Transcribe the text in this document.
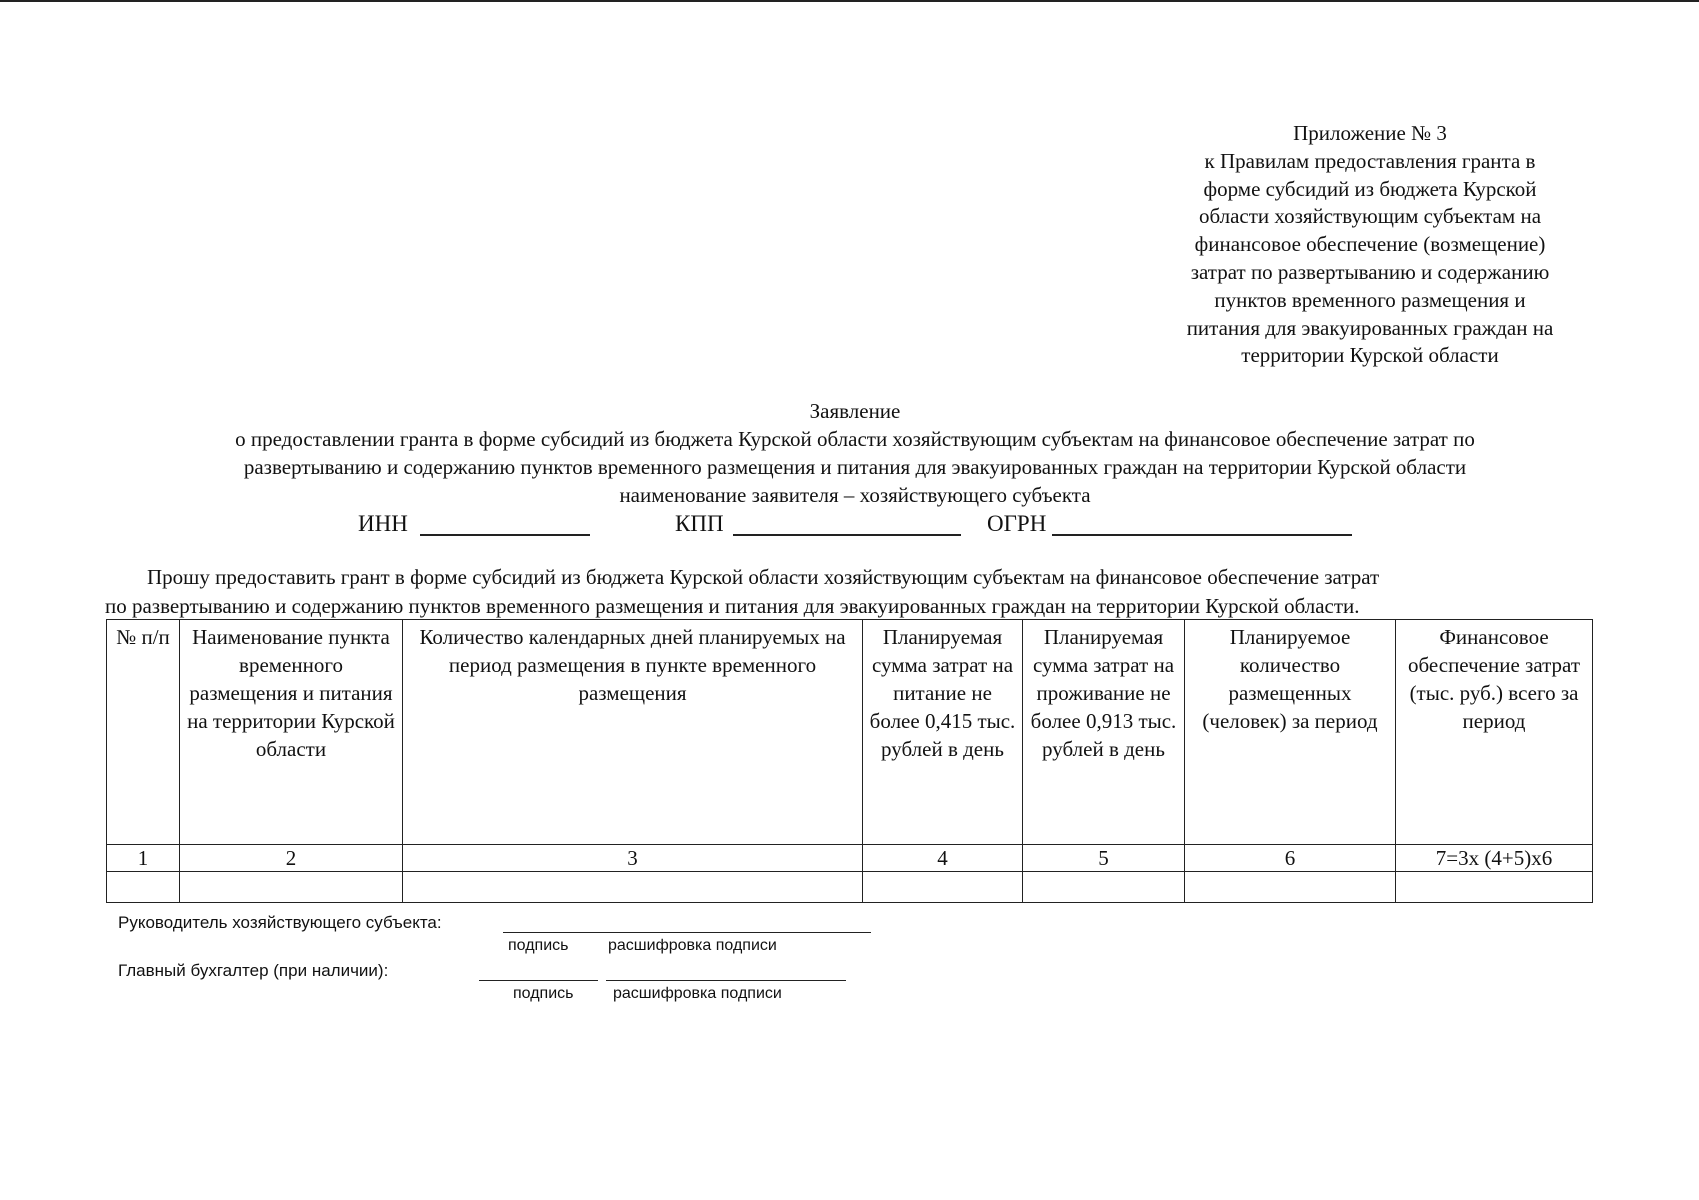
Приложение № 3
к Правилам предоставления гранта в
форме субсидий из бюджета Курской
области хозяйствующим субъектам на
финансовое обеспечение (возмещение)
затрат по развертыванию и содержанию
пунктов временного размещения и
питания для эвакуированных граждан на
территории Курской области
Заявление
о предоставлении гранта в форме субсидий из бюджета Курской области хозяйствующим субъектам на финансовое обеспечение затрат по
развертыванию и содержанию пунктов временного размещения и питания для эвакуированных граждан на территории Курской области
наименование заявителя – хозяйствующего субъекта
ИНН	КПП	ОГРН
Прошу предоставить грант в форме субсидий из бюджета Курской области хозяйствующим субъектам на финансовое обеспечение затрат
по развертыванию и содержанию пунктов временного размещения и питания для эвакуированных граждан на территории Курской области.
№ п/п	Наименование пункта временного размещения и питания на территории Курской области	Количество календарных дней планируемых на период размещения в пункте временного размещения	Планируемая сумма затрат на питание не более 0,415 тыс. рублей в день	Планируемая сумма затрат на проживание не более 0,913 тыс. рублей в день	Планируемое количество размещенных (человек) за период	Финансовое обеспечение затрат (тыс. руб.) всего за период
1	2	3	4	5	6	7=3х (4+5)х6

Руководитель хозяйствующего субъекта:
подпись расшифровка подписи
Главный бухгалтер (при наличии):
подпись расшифровка подписи
